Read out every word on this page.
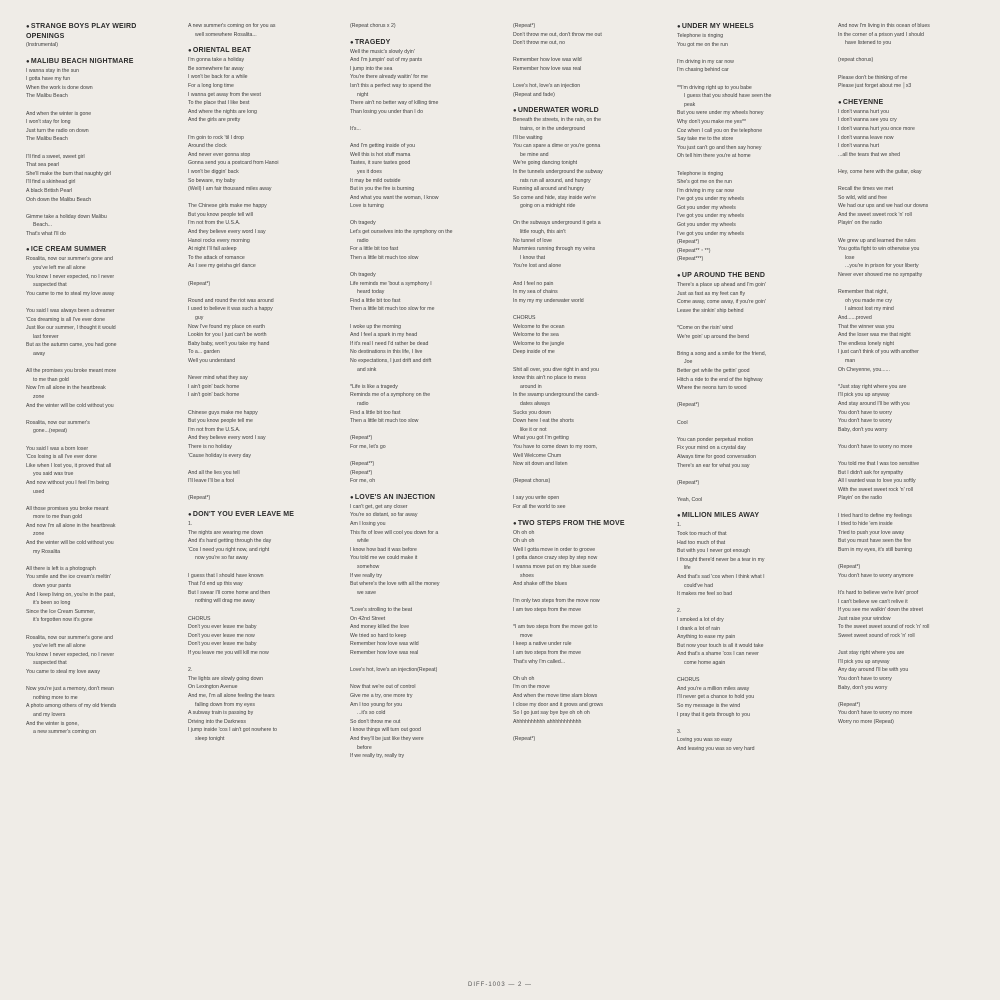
● STRANGE BOYS PLAY WEIRD OPENINGS
(Instrumental)
● MALIBU BEACH NIGHTMARE
I wanna stay in the sun
I gotta have my fun
When the work is done down
The Malibu Beach
And when the winter is gone
I won't stay for long
Just turn the radio on down
The Malibu Beach
I'll find a sweet, sweet girl
That sea pearl
She'll make the bum that naughty girl
I'll find a skinhead girl
A black British Pearl
Ooh down the Malibu Beach
Gimme take a holiday down Malibu
Beach...
That's what I'll do
● ICE CREAM SUMMER
Rosalita, now our summer's gone and
you've left me all alone
You know I never expected, no I never
suspected that
You came to me to steal my love away
You said I was always been a dreamer
'Cos dreaming is all I've ever done
Just like our summer, I thought it would
last forever
But as the autumn came, you had gone
away
All the promises you broke meant more
to me than gold
Now I'm all alone in the heartbreak
zone
And the winter will be cold without you
Rosalita, now our summer's
gone...(repeat)
You said I was a born loser
'Cos losing is all I've ever done
Like when I lost you, it proved that all
you said was true
And now without you I feel I'm being
used
All those promises you broke meant
more to me than gold
And now I'm all alone in the heartbreak
zone
And the winter will be cold without you
my Rosalita
All there is left is a photograph
You smile and the ice cream's meltin'
down your pants
And I keep living on, you're in the past,
it's been so long
Since the Ice Cream Summer,
it's forgotten now it's gone
Rosalita, now our summer's gone and
you've left me all alone
You know I never expected, no I never
suspected that
You came to steal my love away
Now you're just a memory, don't mean
nothing more to me
A photo among others of my old friends
and my lovers
And the winter is gone,
a new summer's coming on
A new summer's coming on for you as
well somewhere Rosalita...
● ORIENTAL BEAT
I'm gonna take a holiday
Be somewhere far away
I won't be back for a while
For a long long time
I wanna get away from the west
To the place that I like best
And where the nights are long
And the girls are pretty
I'm goin to rock 'til I drop
Around the clock
And never ever gonna stop
Gonna send you a postcard from Hanoi
I won't be diggin' back
So beware, my baby
(Well) I am fair thousand miles away
The Chinese girls make me happy
But you know people tell will
I'm not from the U.S.A.
And they believe every word I say
Hanoi rocks every morning
At night I'll fall asleep
To the attack of romance
As I see my geisha girl dance
(Repeat*)
Round and round the riot was around
I used to believe it was such a happy
guy
Now I've found my place on earth
Lookin for you I just can't be worth
Baby baby, won't you take my hand
To a... garden
Well you understand
Never mind what they say
I ain't goin' back home
I ain't goin' back home
Chinese guys make me happy
But you know people tell me
I'm not from the U.S.A.
And they believe every word I say
There is no holiday
'Cause holiday is every day
And all the lies you tell
I'll leave I'll be a fool
(Repeat*)
● DON'T YOU EVER LEAVE ME
1.
The nights are wearing me down
And it's hard getting through the day
'Cos I need you right now, and right
now you're so far away
I guess that I should have known
That I'd end up this way
But I swear I'll come home and then
nothing will drag me away
CHORUS
Don't you ever leave me baby
Don't you ever leave me now
Don't you ever leave me baby
If you leave me you will kill me now
2.
The lights are slowly going down
On Lexington Avenue
And me, I'm all alone feeling the tears
falling down from my eyes
A subway train is passing by
Driving into the Darkness
I jump inside 'cos I ain't got nowhere to
sleep tonight
(Repeat chorus x 2)
● TRAGEDY
Well the music's slowly dyin'
And I'm jumpin' out of my pants
I jump into the sea
You're there already waitin' for me
Isn't this a perfect way to spend the
night
There ain't no better way of killing time
Than losing you under than I do
It's...
And I'm getting inside of you
Well this is hot stuff mama
Tastes, it sure tastes good
yes it does
It may be mild outside
But in you the fire is burning
And what you want the woman, I know
Love is turning
Oh tragedy
Let's get ourselves into the symphony on the
radio
For a little bit too fast
Then a little bit much too slow
Oh tragedy
Life reminds me 'bout a symphony I
heard today
Find a little bit too fast
Then a little bit much too slow for me
I woke up the morning
And I feel a spark in my head
If it's real I need I'd rather be dead
No destinations in this life, I live
No expectations, I just drift and drift
and sink
*Life is like a tragedy
Reminds me of a symphony on the
radio
Find a little bit too fast
Then a little bit much too slow
(Repeat*)
For me, let's go
(Repeat**)
(Repeat*)
For me, oh
● LOVE'S AN INJECTION
I can't get, get any closer
You're so distant, so far away
Am I losing you
This fix of love will cool you down for a
while
I know how bad it was before
You told me we could make it
somehow
If we really try
But where's the love with all the money
we save
*Love's strolling to the beat
On 42nd Street
And money killed the love
We tried so hard to keep
Remember how love was wild
Remember how love was real
Love's hot, love's an injection(Repeat)
Now that we're out of control
Give me a try, one more try
Am I too young for you
...it's so cold
So don't throw me out
I know things will turn out good
And they'll be just like they were
before
If we really try, really try
(Repeat*)
Don't throw me out, don't throw me out
Don't throw me out, no
Remember how love was wild
Remember how love was real
Love's hot, love's an injection
(Repeat and fade)
● UNDERWATER WORLD
Beneath the streets, in the rain, on the
trains, or in the underground
I'll be waiting
You can spare a dime or you're gonna
be mine and
We're going dancing tonight
In the tunnels underground the subway
rats run all around, and hungry
Running all around and hungry
So come and hide, stay inside we're
going on a midnight ride
On the subways underground it gets a
little rough, this ain't
No tunnel of love
Mummies running through my veins
I know that
You're lost and alone
And I feel no pain
In my sea of chains
In my my my underwater world
CHORUS
Welcome to the ocean
Welcome to the sea
Welcome to the jungle
Deep inside of me
Shit all over, you dive right in and you
know this ain't no place to mess
around in
In the swamp underground the candi-
dates always
Sucks you down
Down here I eat the shorts
like it or not
What you got I'm getting
You have to come down to my room,
Well Welcome Chum
Now sit down and listen
(Repeat chorus)
I say you write open
For all the world to see
● TWO STEPS FROM THE MOVE
Oh oh oh
Oh uh oh
Well I gotta move in order to groove
I gotta dance crazy step by step now
I wanna move put on my blue suede
shoes
And shake off the blues
I'm only two steps from the move now
I am two steps from the move
*I am two steps from the move got to
move
I keep a native under rule
I am two steps from the move
That's why I'm called...
Oh uh oh
I'm on the move
And when the move time slam blows
I close my door and it grows and grows
So I go just say bye bye oh oh oh
Ahhhhhhhhhh ahhhhhhhhhhh
(Repeat*)
● UNDER MY WHEELS
Telephone is ringing
You got me on the run
I'm driving in my car now
I'm chasing behind car
**I'm driving right up to you babe
I guess that you should have seen the
peak
But you were under my wheels honey
Why don't you make me yes**
Coz when I call you on the telephone
Say take me to the store
You just can't go and then say honey
Oh tell him there you're at home
Telephone is ringing
She's got me on the run
I'm driving in my car now
I've got you under my wheels
Got you under my wheels
I've got you under my wheels
Got you under my wheels
I've got you under my wheels
(Repeat*)
(Repeat**・**)
(Repeat***)
● UP AROUND THE BEND
There's a place up ahead and I'm goin'
Just as fast as my feet can fly
Come away, come away, if you're goin'
Leave the sinkin' ship behind
*Come on the risin' wind
We're goin' up around the bend
Bring a song and a smile for the friend,
Joe
Better get while the gettin' good
Hitch a ride to the end of the highway
Where the neons turn to wood
(Repeat*)
Cool
You can ponder perpetual motion
Fix your mind on a crystal day
Always time for good conversation
There's an ear for what you say
(Repeat*)
Yeah, Cool
● MILLION MILES AWAY
1.
Took too much of that
Had too much of that
But with you I never got enough
I thought there'd never be a tear in my
life
And that's sad 'cos when I think what I
could've had
It makes me feel so bad
2.
I smoked a lot of dry
I drank a lot of rain
Anything to ease my pain
But now your touch is all it would take
And that's a shame 'cos I can never
come home again
CHORUS
And you're a million miles away
I'll never get a chance to hold you
So my message is the wind
I pray that it gets through to you
3.
Loving you was so easy
And leaving you was so very hard
And now I'm living in this ocean of blues
In the corner of a prison yard I should
have listened to you
(repeat chorus)
Please don't be thinking of me
Please just forget about me │x3
● CHEYENNE
I don't wanna hurt you
I don't wanna see you cry
I don't wanna hurt you once more
I don't wanna leave now
I don't wanna hurt
...all the tears that we shed
Hey, come here with the guitar, okay
Recall the times we met
So wild, wild and free
We had our ups and we had our downs
And the sweet sweet rock 'n' roll
Playin' on the radio
We grew up and learned the rules
You gotta fight to win otherwise you
lose
...you're in prison for your liberty
Never ever showed me no sympathy
Remember that night,
oh you made me cry
I almost lost my mind
And......proved
That the winner was you
And the loser was me that night
The endless lonely night
I just can't think of you with another
man
Oh Cheyenne, you......
*Just stay right where you are
I'll pick you up anyway
And stay around I'll be with you
You don't have to worry
You don't have to worry
Baby, don't you worry
You don't have to worry no more
You told me that I was too sensitive
But I didn't ask for sympathy
All I wanted was to love you softly
With the sweet sweet rock 'n' roll
Playin' on the radio
I tried hard to define my feelings
I tried to hide 'em inside
Tried to push your love away
But you must have seen the fire
Burn in my eyes, it's still burning
(Repeat*)
You don't have to worry anymore
It's hard to believe we're livin' proof
I can't believe we can't relive it
If you see me walkin' down the street
Just raise your window
To the sweet sweet sound of rock 'n' roll
Sweet sweet sound of rock 'n' roll
Just stay right where you are
I'll pick you up anyway
Any day around I'll be with you
You don't have to worry
Baby, don't you worry
(Repeat*)
You don't have to worry no more
Worry no more (Repeat)
DIFF-1003 — 2 —
